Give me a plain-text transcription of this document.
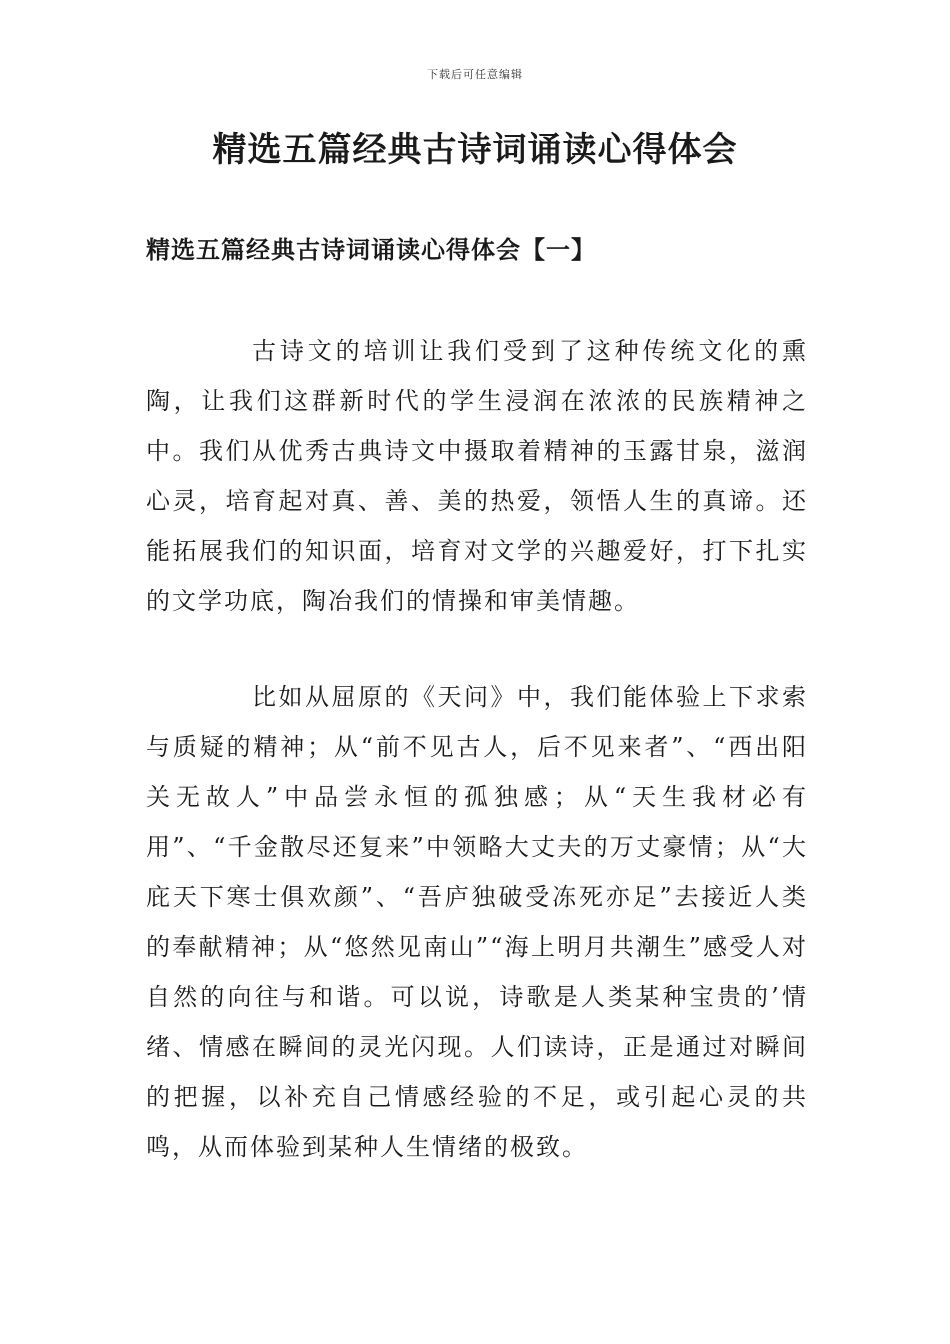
下载后可任意编辑
精选五篇经典古诗词诵读心得体会
精选五篇经典古诗词诵读心得体会【一】

古诗文的培训让我们受到了这种传统文化的熏陶，让我们这群新时代的学生浸润在浓浓的民族精神之中。我们从优秀古典诗文中摄取着精神的玉露甘泉，滋润心灵，培育起对真、善、美的热爱，领悟人生的真谛。还能拓展我们的知识面，培育对文学的兴趣爱好，打下扎实的文学功底，陶冶我们的情操和审美情趣。

比如从屈原的《天问》中，我们能体验上下求索与质疑的精神；从“前不见古人，后不见来者”、“西出阳关无故人”中品尝永恒的孤独感；从“天生我材必有用”、“千金散尽还复来”中领略大丈夫的万丈豪情；从“大庇天下寒士俱欢颜”、“吾庐独破受冻死亦足”去接近人类的奉献精神；从“悠然见南山”“海上明月共潮生”感受人对自然的向往与和谐。可以说，诗歌是人类某种宝贵的’情绪、情感在瞬间的灵光闪现。人们读诗，正是通过对瞬间的把握，以补充自己情感经验的不足，或引起心灵的共鸣，从而体验到某种人生情绪的极致。
